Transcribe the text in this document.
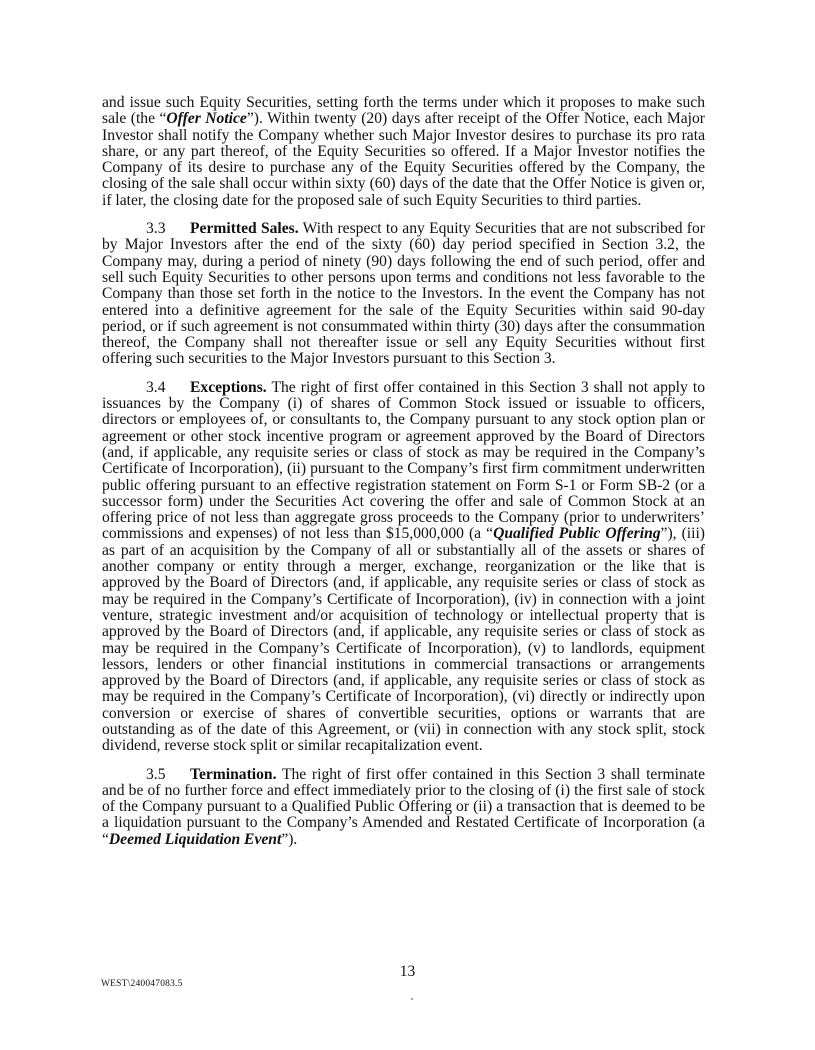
and issue such Equity Securities, setting forth the terms under which it proposes to make such sale (the “Offer Notice”). Within twenty (20) days after receipt of the Offer Notice, each Major Investor shall notify the Company whether such Major Investor desires to purchase its pro rata share, or any part thereof, of the Equity Securities so offered. If a Major Investor notifies the Company of its desire to purchase any of the Equity Securities offered by the Company, the closing of the sale shall occur within sixty (60) days of the date that the Offer Notice is given or, if later, the closing date for the proposed sale of such Equity Securities to third parties.

3.3 Permitted Sales. With respect to any Equity Securities that are not subscribed for by Major Investors after the end of the sixty (60) day period specified in Section 3.2, the Company may, during a period of ninety (90) days following the end of such period, offer and sell such Equity Securities to other persons upon terms and conditions not less favorable to the Company than those set forth in the notice to the Investors. In the event the Company has not entered into a definitive agreement for the sale of the Equity Securities within said 90-day period, or if such agreement is not consummated within thirty (30) days after the consummation thereof, the Company shall not thereafter issue or sell any Equity Securities without first offering such securities to the Major Investors pursuant to this Section 3.

3.4 Exceptions. The right of first offer contained in this Section 3 shall not apply to issuances by the Company (i) of shares of Common Stock issued or issuable to officers, directors or employees of, or consultants to, the Company pursuant to any stock option plan or agreement or other stock incentive program or agreement approved by the Board of Directors (and, if applicable, any requisite series or class of stock as may be required in the Company’s Certificate of Incorporation), (ii) pursuant to the Company’s first firm commitment underwritten public offering pursuant to an effective registration statement on Form S-1 or Form SB-2 (or a successor form) under the Securities Act covering the offer and sale of Common Stock at an offering price of not less than aggregate gross proceeds to the Company (prior to underwriters’ commissions and expenses) of not less than $15,000,000 (a “Qualified Public Offering”), (iii) as part of an acquisition by the Company of all or substantially all of the assets or shares of another company or entity through a merger, exchange, reorganization or the like that is approved by the Board of Directors (and, if applicable, any requisite series or class of stock as may be required in the Company’s Certificate of Incorporation), (iv) in connection with a joint venture, strategic investment and/or acquisition of technology or intellectual property that is approved by the Board of Directors (and, if applicable, any requisite series or class of stock as may be required in the Company’s Certificate of Incorporation), (v) to landlords, equipment lessors, lenders or other financial institutions in commercial transactions or arrangements approved by the Board of Directors (and, if applicable, any requisite series or class of stock as may be required in the Company’s Certificate of Incorporation), (vi) directly or indirectly upon conversion or exercise of shares of convertible securities, options or warrants that are outstanding as of the date of this Agreement, or (vii) in connection with any stock split, stock dividend, reverse stock split or similar recapitalization event.

3.5 Termination. The right of first offer contained in this Section 3 shall terminate and be of no further force and effect immediately prior to the closing of (i) the first sale of stock of the Company pursuant to a Qualified Public Offering or (ii) a transaction that is deemed to be a liquidation pursuant to the Company’s Amended and Restated Certificate of Incorporation (a “Deemed Liquidation Event”).

13
WEST\240047083.5
